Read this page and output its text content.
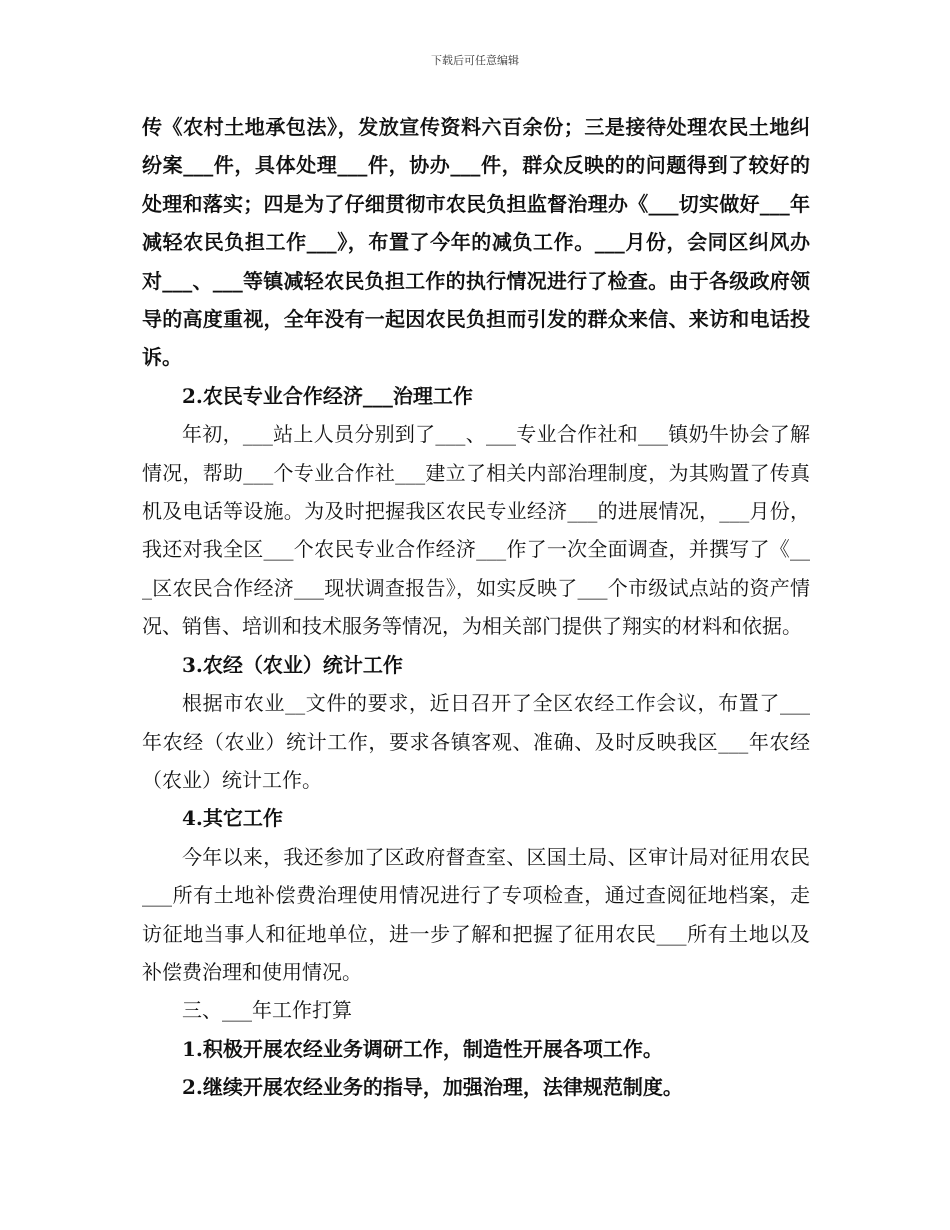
下载后可任意编辑

传《农村土地承包法》，发放宣传资料六百余份；三是接待处理农民土地纠纷案___件，具体处理___件，协办___件，群众反映的的问题得到了较好的处理和落实；四是为了仔细贯彻市农民负担监督治理办《___切实做好___年减轻农民负担工作___》，布置了今年的减负工作。___月份，会同区纠风办对___、___等镇减轻农民负担工作的执行情况进行了检查。由于各级政府领导的高度重视，全年没有一起因农民负担而引发的群众来信、来访和电话投诉。

2.农民专业合作经济___治理工作

年初，___站上人员分别到了___、___专业合作社和___镇奶牛协会了解情况，帮助___个专业合作社___建立了相关内部治理制度，为其购置了传真机及电话等设施。为及时把握我区农民专业经济___的进展情况，___月份，我还对我全区___个农民专业合作经济___作了一次全面调查，并撰写了《___区农民合作经济___现状调查报告》，如实反映了___个市级试点站的资产情况、销售、培训和技术服务等情况，为相关部门提供了翔实的材料和依据。

3.农经（农业）统计工作

根据市农业__文件的要求，近日召开了全区农经工作会议，布置了___年农经（农业）统计工作，要求各镇客观、准确、及时反映我区___年农经（农业）统计工作。

4.其它工作

今年以来，我还参加了区政府督查室、区国土局、区审计局对征用农民___所有土地补偿费治理使用情况进行了专项检查，通过查阅征地档案，走访征地当事人和征地单位，进一步了解和把握了征用农民___所有土地以及补偿费治理和使用情况。

三、___年工作打算

1.积极开展农经业务调研工作，制造性开展各项工作。

2.继续开展农经业务的指导，加强治理，法律规范制度。
